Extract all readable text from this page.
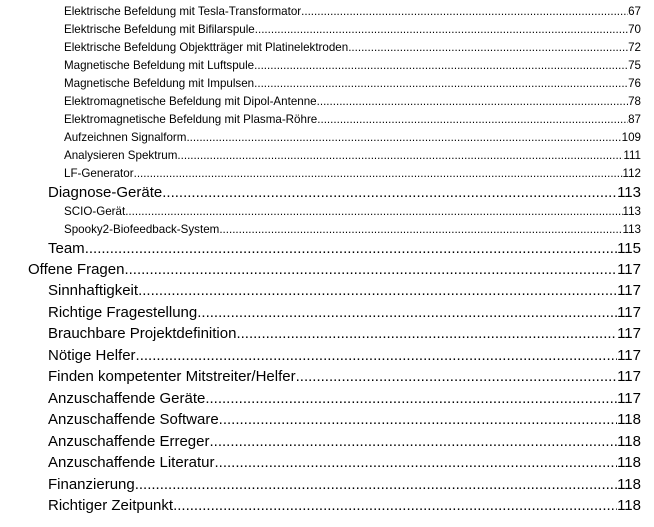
Elektrische Befeldung mit Tesla-Transformator .....	67
Elektrische Befeldung mit Bifilarspule .....	70
Elektrische Befeldung Objektträger mit Platinelektroden .....	72
Magnetische Befeldung mit Luftspule .....	75
Magnetische Befeldung mit Impulsen .....	76
Elektromagnetische Befeldung mit Dipol-Antenne .....	78
Elektromagnetische Befeldung mit Plasma-Röhre .....	87
Aufzeichnen Signalform .....	109
Analysieren Spektrum .....	111
LF-Generator .....	112
Diagnose-Geräte .....	113
SCIO-Gerät .....	113
Spooky2-Biofeedback-System .....	113
Team .....	115
Offene Fragen .....	117
Sinnhaftigkeit .....	117
Richtige Fragestellung .....	117
Brauchbare Projektdefinition .....	117
Nötige Helfer .....	117
Finden kompetenter Mitstreiter/Helfer .....	117
Anzuschaffende Geräte .....	117
Anzuschaffende Software .....	118
Anzuschaffende Erreger .....	118
Anzuschaffende Literatur .....	118
Finanzierung .....	118
Richtiger Zeitpunkt .....	118
